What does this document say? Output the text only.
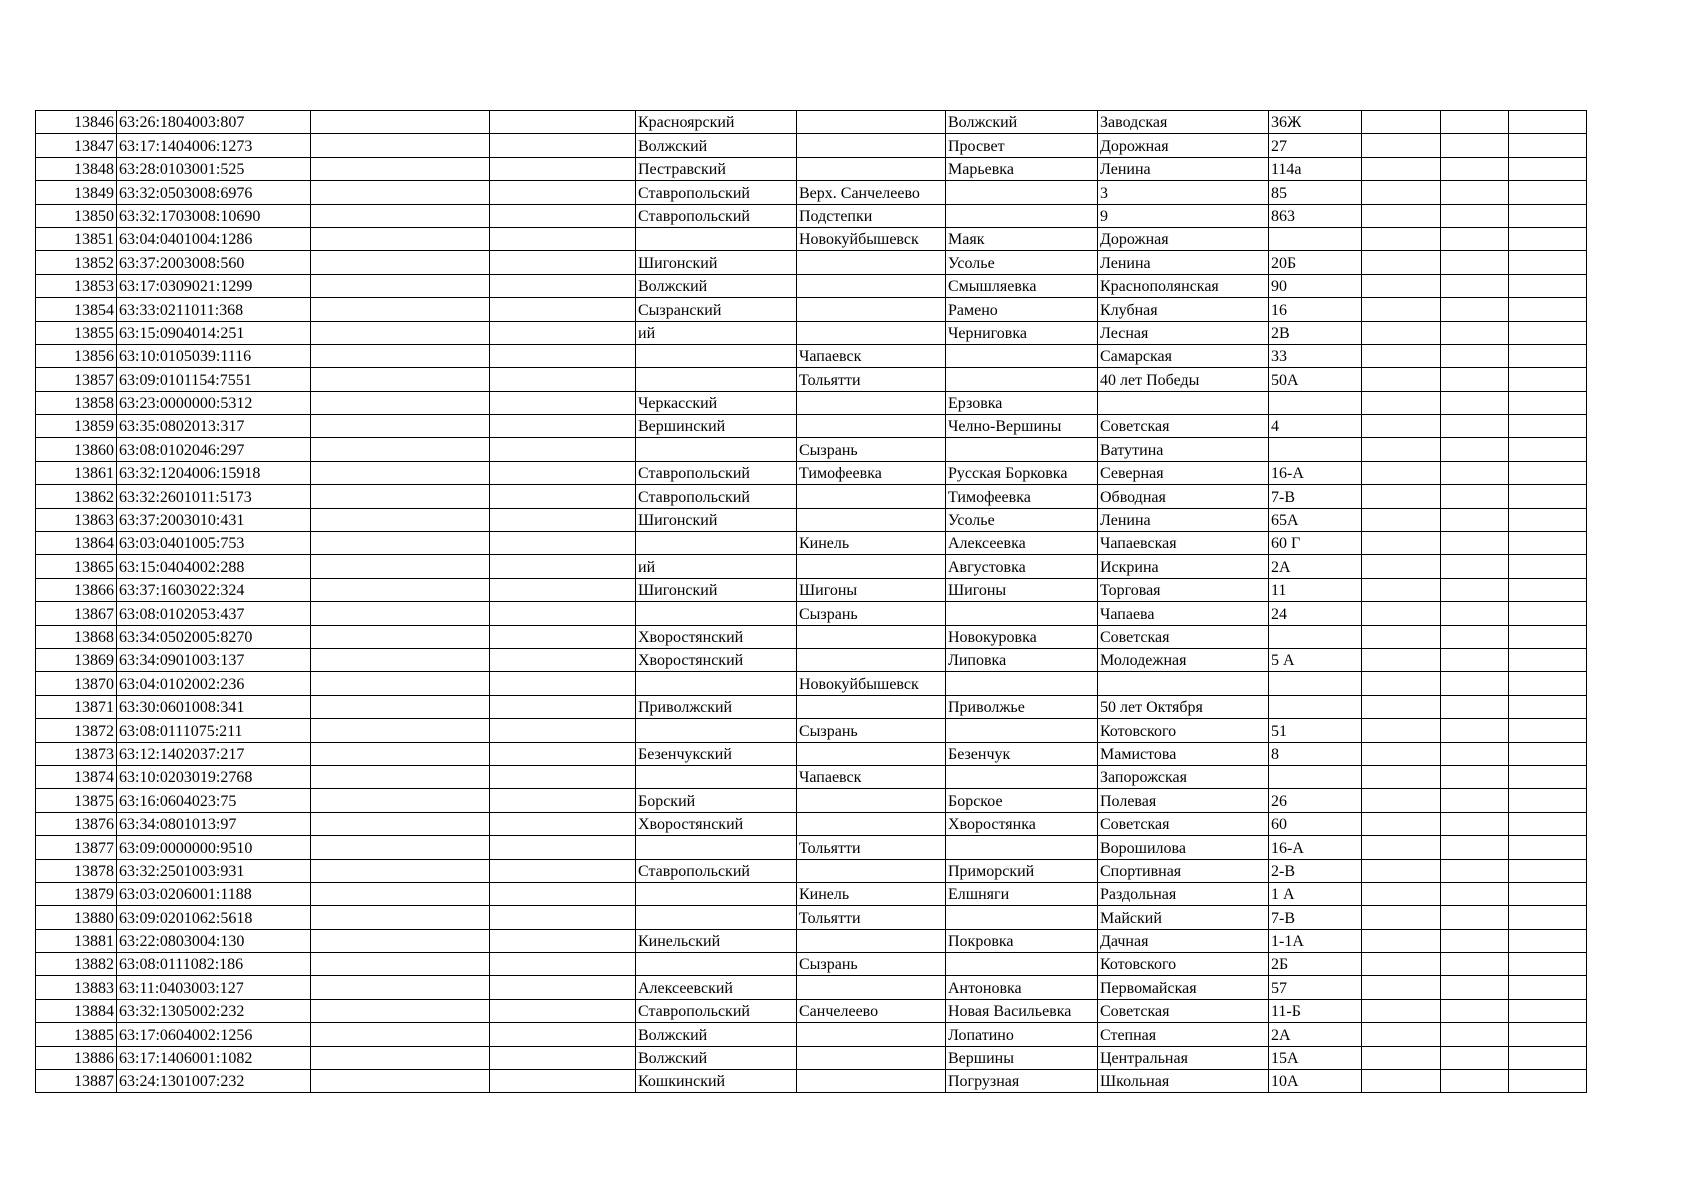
13846	63:26:1804003:807			Красноярский		Волжский	Заводская	36Ж			
13847	63:17:1404006:1273			Волжский		Просвет	Дорожная	27			
13848	63:28:0103001:525			Пестравский		Марьевка	Ленина	114а			
13849	63:32:0503008:6976			Ставропольский	Верх. Санчелеево		3	85			
13850	63:32:1703008:10690			Ставропольский	Подстепки		9	863			
13851	63:04:0401004:1286				Новокуйбышевск	Маяк	Дорожная				
13852	63:37:2003008:560			Шигонский		Усолье	Ленина	20Б			
13853	63:17:0309021:1299			Волжский		Смышляевка	Краснополянская	90			
13854	63:33:0211011:368			Сызранский		Рамено	Клубная	16			
13855	63:15:0904014:251			ий		Черниговка	Лесная	2В			
13856	63:10:0105039:1116				Чапаевск		Самарская	33			
13857	63:09:0101154:7551				Тольятти		40 лет Победы	50А			
13858	63:23:0000000:5312			Черкасский		Ерзовка					
13859	63:35:0802013:317			Вершинский		Челно-Вершины	Советская	4			
13860	63:08:0102046:297				Сызрань		Ватутина				
13861	63:32:1204006:15918			Ставропольский	Тимофеевка	Русская Борковка	Северная	16-А			
13862	63:32:2601011:5173			Ставропольский		Тимофеевка	Обводная	7-В			
13863	63:37:2003010:431			Шигонский		Усолье	Ленина	65А			
13864	63:03:0401005:753				Кинель	Алексеевка	Чапаевская	60 Г			
13865	63:15:0404002:288			ий		Августовка	Искрина	2А			
13866	63:37:1603022:324			Шигонский	Шигоны	Шигоны	Торговая	11			
13867	63:08:0102053:437				Сызрань		Чапаева	24			
13868	63:34:0502005:8270			Хворостянский		Новокуровка	Советская				
13869	63:34:0901003:137			Хворостянский		Липовка	Молодежная	5 А			
13870	63:04:0102002:236				Новокуйбышевск						
13871	63:30:0601008:341			Приволжский		Приволжье	50 лет Октября				
13872	63:08:0111075:211				Сызрань		Котовского	51			
13873	63:12:1402037:217			Безенчукский		Безенчук	Мамистова	8			
13874	63:10:0203019:2768				Чапаевск		Запорожская				
13875	63:16:0604023:75			Борский		Борское	Полевая	26			
13876	63:34:0801013:97			Хворостянский		Хворостянка	Советская	60			
13877	63:09:0000000:9510				Тольятти		Ворошилова	16-А			
13878	63:32:2501003:931			Ставропольский		Приморский	Спортивная	2-В			
13879	63:03:0206001:1188				Кинель	Елшняги	Раздольная	1 А			
13880	63:09:0201062:5618				Тольятти		Майский	7-В			
13881	63:22:0803004:130			Кинельский		Покровка	Дачная	1-1А			
13882	63:08:0111082:186				Сызрань		Котовского	2Б			
13883	63:11:0403003:127			Алексеевский		Антоновка	Первомайская	57			
13884	63:32:1305002:232			Ставропольский	Санчелеево	Новая Васильевка	Советская	11-Б			
13885	63:17:0604002:1256			Волжский		Лопатино	Степная	2А			
13886	63:17:1406001:1082			Волжский		Вершины	Центральная	15А			
13887	63:24:1301007:232			Кошкинский		Погрузная	Школьная	10А			
